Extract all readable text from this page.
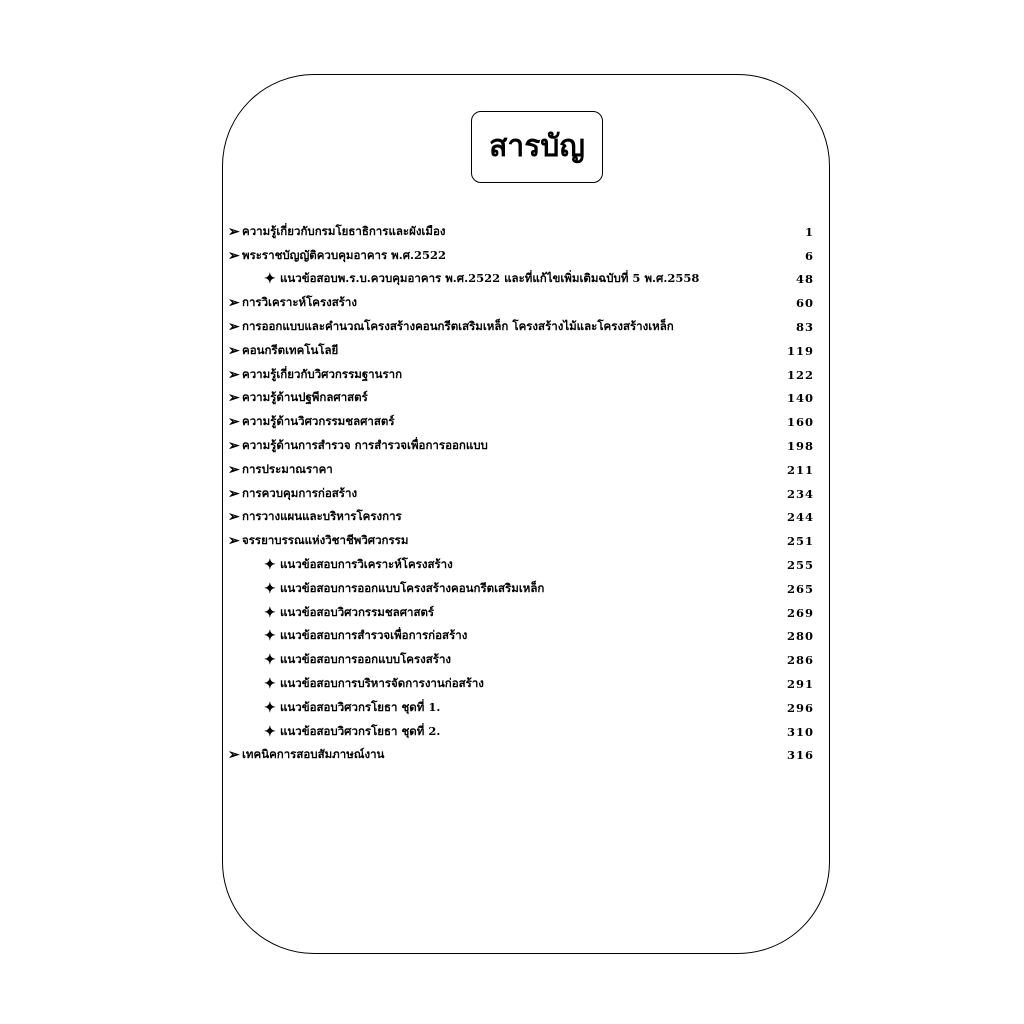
สารบัญ
➢ ความรู้เกี่ยวกับกรมโยธาธิการและผังเมือง	1
➢ พระราชบัญญัติควบคุมอาคาร พ.ศ.2522	6
✦ แนวข้อสอบพ.ร.บ.ควบคุมอาคาร พ.ศ.2522 และที่แก้ไขเพิ่มเติมฉบับที่ 5 พ.ศ.2558	48
➢ การวิเคราะห์โครงสร้าง	60
➢ การออกแบบและคำนวณโครงสร้างคอนกรีตเสริมเหล็ก โครงสร้างไม้และโครงสร้างเหล็ก	83
➢ คอนกรีตเทคโนโลยี	119
➢ ความรู้เกี่ยวกับวิศวกรรมฐานราก	122
➢ ความรู้ด้านปฐพีกลศาสตร์	140
➢ ความรู้ด้านวิศวกรรมชลศาสตร์	160
➢ ความรู้ด้านการสำรวจ การสำรวจเพื่อการออกแบบ	198
➢ การประมาณราคา	211
➢ การควบคุมการก่อสร้าง	234
➢ การวางแผนและบริหารโครงการ	244
➢ จรรยาบรรณแห่งวิชาชีพวิศวกรรม	251
✦ แนวข้อสอบการวิเคราะห์โครงสร้าง	255
✦ แนวข้อสอบการออกแบบโครงสร้างคอนกรีตเสริมเหล็ก	265
✦ แนวข้อสอบวิศวกรรมชลศาสตร์	269
✦ แนวข้อสอบการสำรวจเพื่อการก่อสร้าง	280
✦ แนวข้อสอบการออกแบบโครงสร้าง	286
✦ แนวข้อสอบการบริหารจัดการงานก่อสร้าง	291
✦ แนวข้อสอบวิศวกรโยธา ชุดที่ 1.	296
✦ แนวข้อสอบวิศวกรโยธา ชุดที่ 2.	310
➢ เทคนิคการสอบสัมภาษณ์งาน	316
